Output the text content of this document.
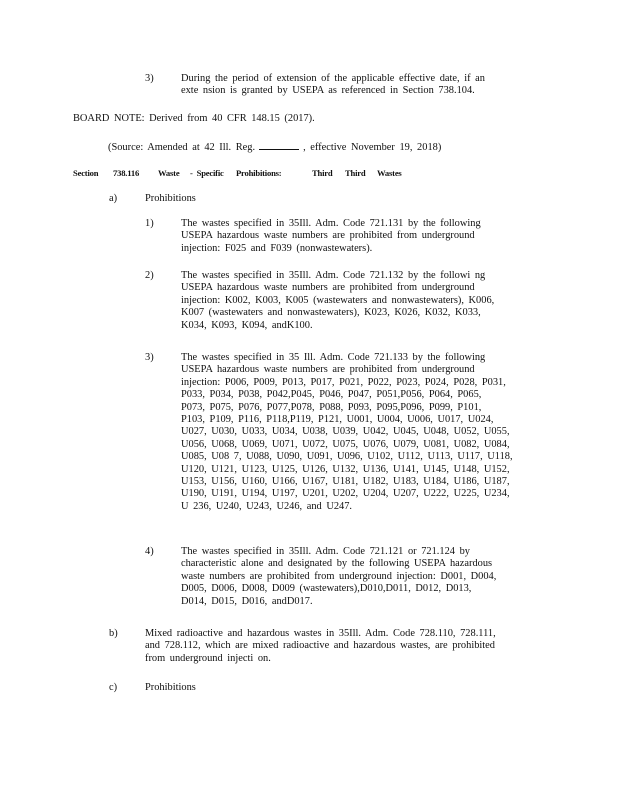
3)	During the period of extension of the applicable effective date, if an
exte nsion is granted by USEPA as referenced in Section 738.104.
BOARD NOTE: Derived from 40 CFR 148.15 (2017).
(Source: Amended at 42 Ill. Reg.	, effective November 19, 2018)
Section 738.116 Waste - Specific Prohibitions:	Third Third Wastes
a)	Prohibitions
1)	The wastes specified in 35Ill. Adm. Code 721.131 by the following
USEPA hazardous waste numbers are prohibited from underground
injection: F025 and F039 (nonwastewaters).
2)	The wastes specified in 35Ill. Adm. Code 721.132 by the followi ng
USEPA hazardous waste numbers are prohibited from underground
injection: K002, K003, K005 (wastewaters and nonwastewaters), K006,
K007 (wastewaters and nonwastewaters), K023, K026, K032, K033,
K034, K093, K094, andK100.
3)	The wastes specified in 35 Ill. Adm. Code 721.133 by the following
USEPA hazardous waste numbers are prohibited from underground
injection: P006, P009, P013, P017, P021, P022, P023, P024, P028, P031,
P033, P034, P038, P042,P045, P046, P047, P051,P056, P064, P065,
P073, P075, P076, P077,P078, P088, P093, P095,P096, P099, P101,
P103, P109, P116, P118,P119, P121, U001, U004, U006, U017, U024,
U027, U030, U033, U034, U038, U039, U042, U045, U048, U052, U055,
U056, U068, U069, U071, U072, U075, U076, U079, U081, U082, U084,
U085, U08 7, U088, U090, U091, U096, U102, U112, U113, U117, U118,
U120, U121, U123, U125, U126, U132, U136, U141, U145, U148, U152,
U153, U156, U160, U166, U167, U181, U182, U183, U184, U186, U187,
U190, U191, U194, U197, U201, U202, U204, U207, U222, U225, U234,
U 236, U240, U243, U246, and U247.
4)	The wastes specified in 35Ill. Adm. Code 721.121 or 721.124 by
characteristic alone and designated by the following USEPA hazardous
waste numbers are prohibited from underground injection: D001, D004,
D005, D006, D008, D009 (wastewaters),D010,D011, D012, D013,
D014, D015, D016, andD017.
b)	Mixed radioactive and hazardous wastes in 35Ill. Adm. Code 728.110, 728.111,
and 728.112, which are mixed radioactive and hazardous wastes, are prohibited
from underground injecti on.
c)	Prohibitions
